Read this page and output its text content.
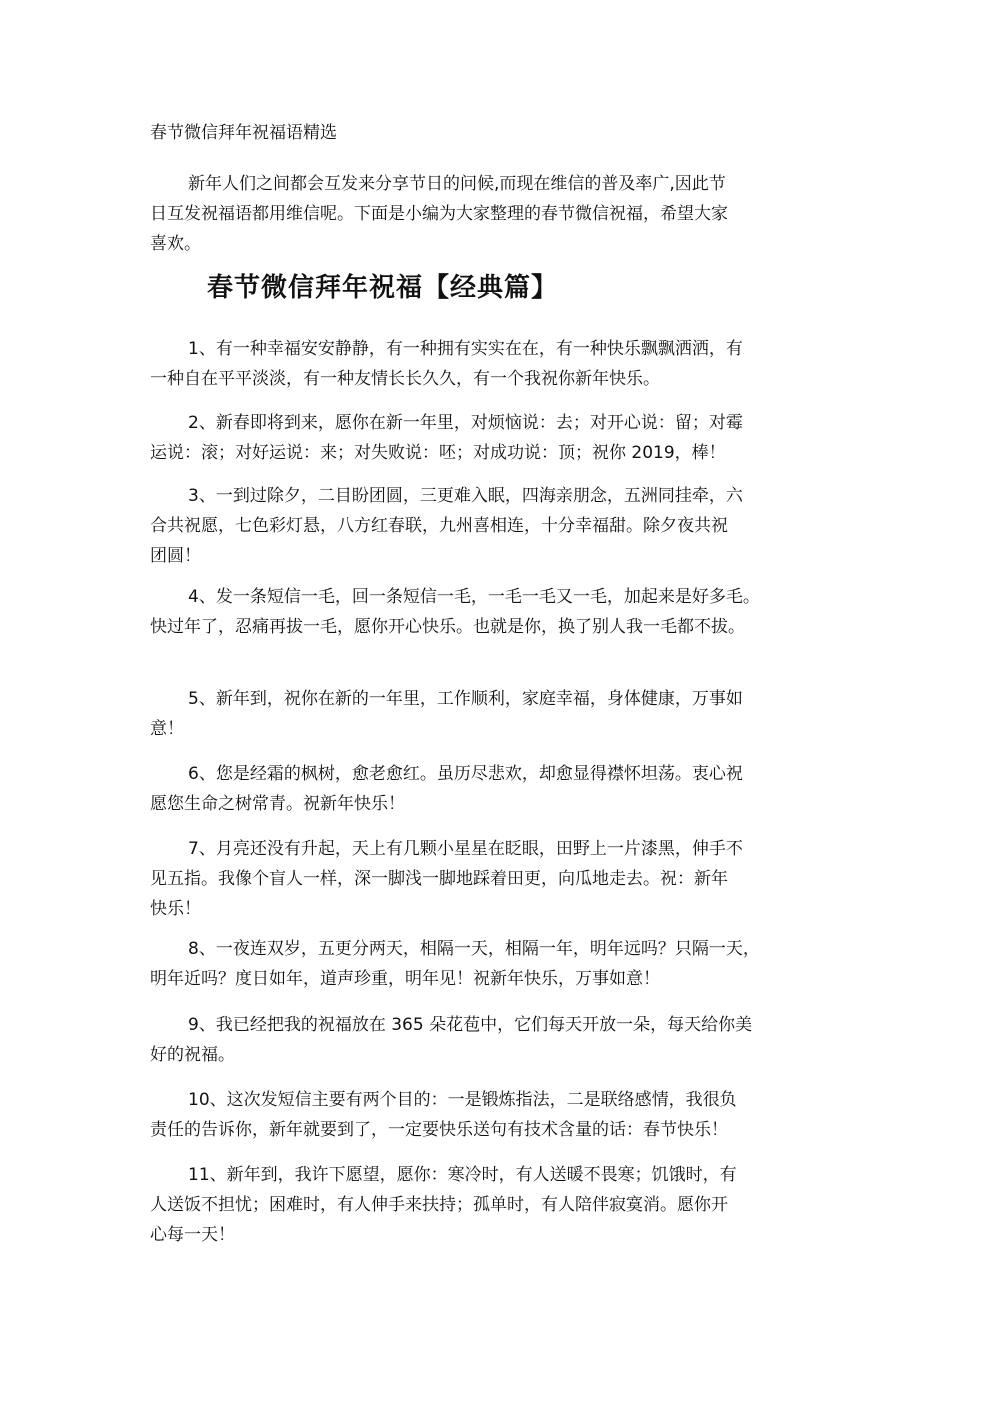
春节微信拜年祝福语精选

新年人们之间都会互发来分享节日的问候,而现在维信的普及率广,因此节
日互发祝福语都用维信呢。下面是小编为大家整理的春节微信祝福，希望大家
喜欢。

春节微信拜年祝福【经典篇】

1、有一种幸福安安静静，有一种拥有实实在在，有一种快乐飘飘洒洒，有
一种自在平平淡淡，有一种友情长长久久，有一个我祝你新年快乐。

2、新春即将到来，愿你在新一年里，对烦恼说：去；对开心说：留；对霉
运说：滚；对好运说：来；对失败说：呸；对成功说：顶；祝你 2019，棒！

3、一到过除夕，二目盼团圆，三更难入眠，四海亲朋念，五洲同挂牵，六
合共祝愿，七色彩灯悬，八方红春联，九州喜相连，十分幸福甜。除夕夜共祝
团圆！

4、发一条短信一毛，回一条短信一毛，一毛一毛又一毛，加起来是好多毛。
快过年了，忍痛再拔一毛，愿你开心快乐。也就是你，换了别人我一毛都不拔。

5、新年到，祝你在新的一年里，工作顺利，家庭幸福，身体健康，万事如
意！

6、您是经霜的枫树，愈老愈红。虽历尽悲欢，却愈显得襟怀坦荡。衷心祝
愿您生命之树常青。祝新年快乐！

7、月亮还没有升起，天上有几颗小星星在眨眼，田野上一片漆黑，伸手不
见五指。我像个盲人一样，深一脚浅一脚地踩着田更，向瓜地走去。祝：新年
快乐！

8、一夜连双岁，五更分两天，相隔一天，相隔一年，明年远吗？只隔一天，
明年近吗？度日如年，道声珍重，明年见！祝新年快乐，万事如意！

9、我已经把我的祝福放在 365 朵花苞中，它们每天开放一朵，每天给你美
好的祝福。

10、这次发短信主要有两个目的：一是锻炼指法，二是联络感情，我很负
责任的告诉你，新年就要到了，一定要快乐送句有技术含量的话：春节快乐！

11、新年到，我许下愿望，愿你：寒冷时，有人送暖不畏寒；饥饿时，有
人送饭不担忧；困难时，有人伸手来扶持；孤单时，有人陪伴寂寞消。愿你开
心每一天！
